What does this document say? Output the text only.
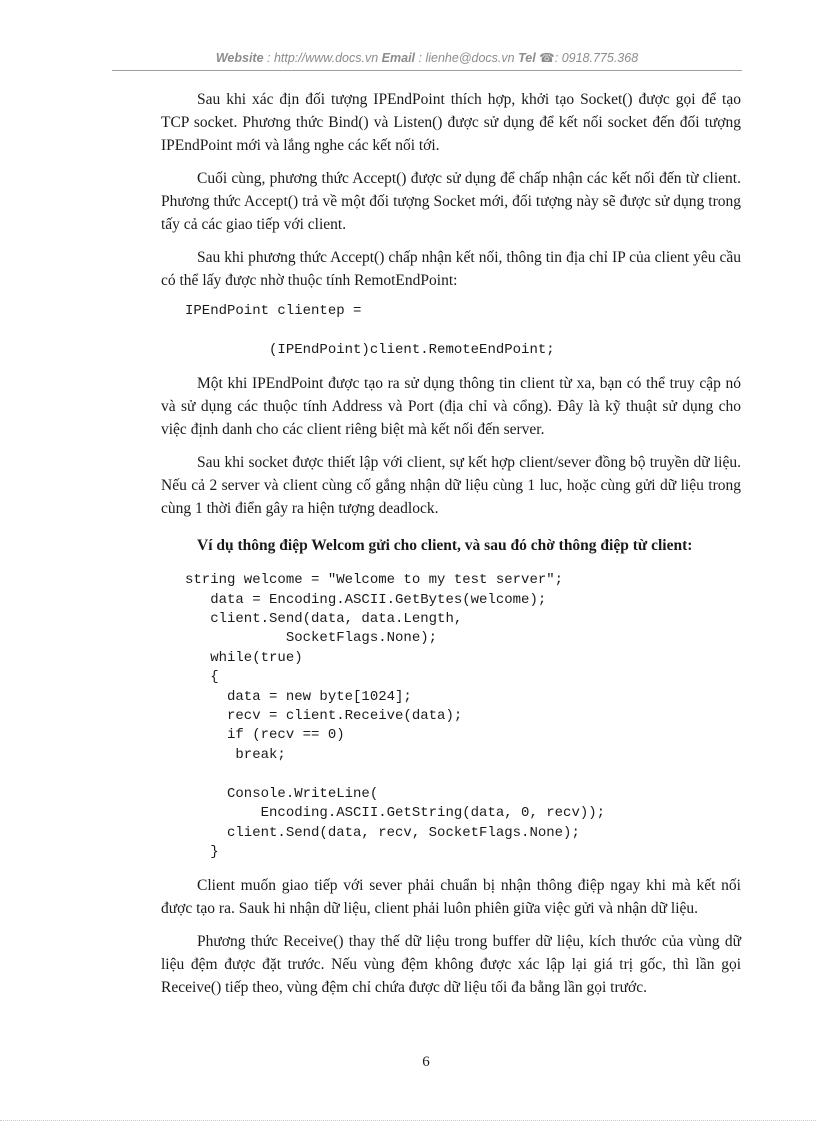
Website : http://www.docs.vn Email : lienhe@docs.vn Tel ☎: 0918.775.368

Sau khi xác địn đối tượng IPEndPoint thích hợp, khởi tạo Socket() được gọi để tạo TCP socket. Phương thức Bind() và Listen() được sử dụng để kết nối socket đến đối tượng IPEndPoint mới và lắng nghe các kết nối tới.

Cuối cùng, phương thức Accept() được sử dụng để chấp nhận các kết nối đến từ client. Phương thức Accept() trả về một đối tượng Socket mới, đối tượng này sẽ được sử dụng trong tấy cả các giao tiếp với client.

Sau khi phương thức Accept() chấp nhận kết nối, thông tin địa chỉ IP của client yêu cầu       có thể lấy được nhờ thuộc tính RemotEndPoint:

IPEndPoint clientep =

(IPEndPoint)client.RemoteEndPoint;

Một khi IPEndPoint được tạo ra sử dụng thông tin client từ xa, bạn có thể truy cập nó và sử dụng các thuộc tính Address và Port (địa chỉ và cổng). Đây là kỹ thuật sử dụng cho việc định danh cho các client riêng biệt mà kết nối đến server.

Sau khi socket được thiết lập với client, sự kết hợp client/sever đồng bộ truyền dữ liệu. Nếu cả 2 server và client cùng cố gắng nhận dữ liệu cùng 1 luc, hoặc cùng gửi dữ liệu trong cùng 1 thời điển gây ra hiện tượng deadlock.

Ví dụ thông điệp Welcom gửi cho client, và sau đó chờ thông điệp từ client:

string welcome = "Welcome to my test server";
data = Encoding.ASCII.GetBytes(welcome);
client.Send(data, data.Length,
SocketFlags.None);
while(true)
{
data = new byte[1024];
recv = client.Receive(data);
if (recv == 0)
break;

Console.WriteLine(
Encoding.ASCII.GetString(data, 0, recv));
client.Send(data, recv, SocketFlags.None);
}

Client muốn giao tiếp với sever phải chuẩn bị nhận thông điệp ngay khi mà kết nối được tạo ra. Sauk hi nhận dữ liệu, client phải luôn phiên giữa việc gửi và nhận dữ liệu.

Phương thức Receive() thay thế dữ liệu trong buffer dữ liệu, kích thước của vùng dữ liệu đệm được đặt trước. Nếu vùng đệm không được xác lập lại giá trị gốc, thì lần gọi Receive() tiếp theo, vùng đệm chỉ chứa được dữ liệu tối đa bằng lần gọi trước.

6
